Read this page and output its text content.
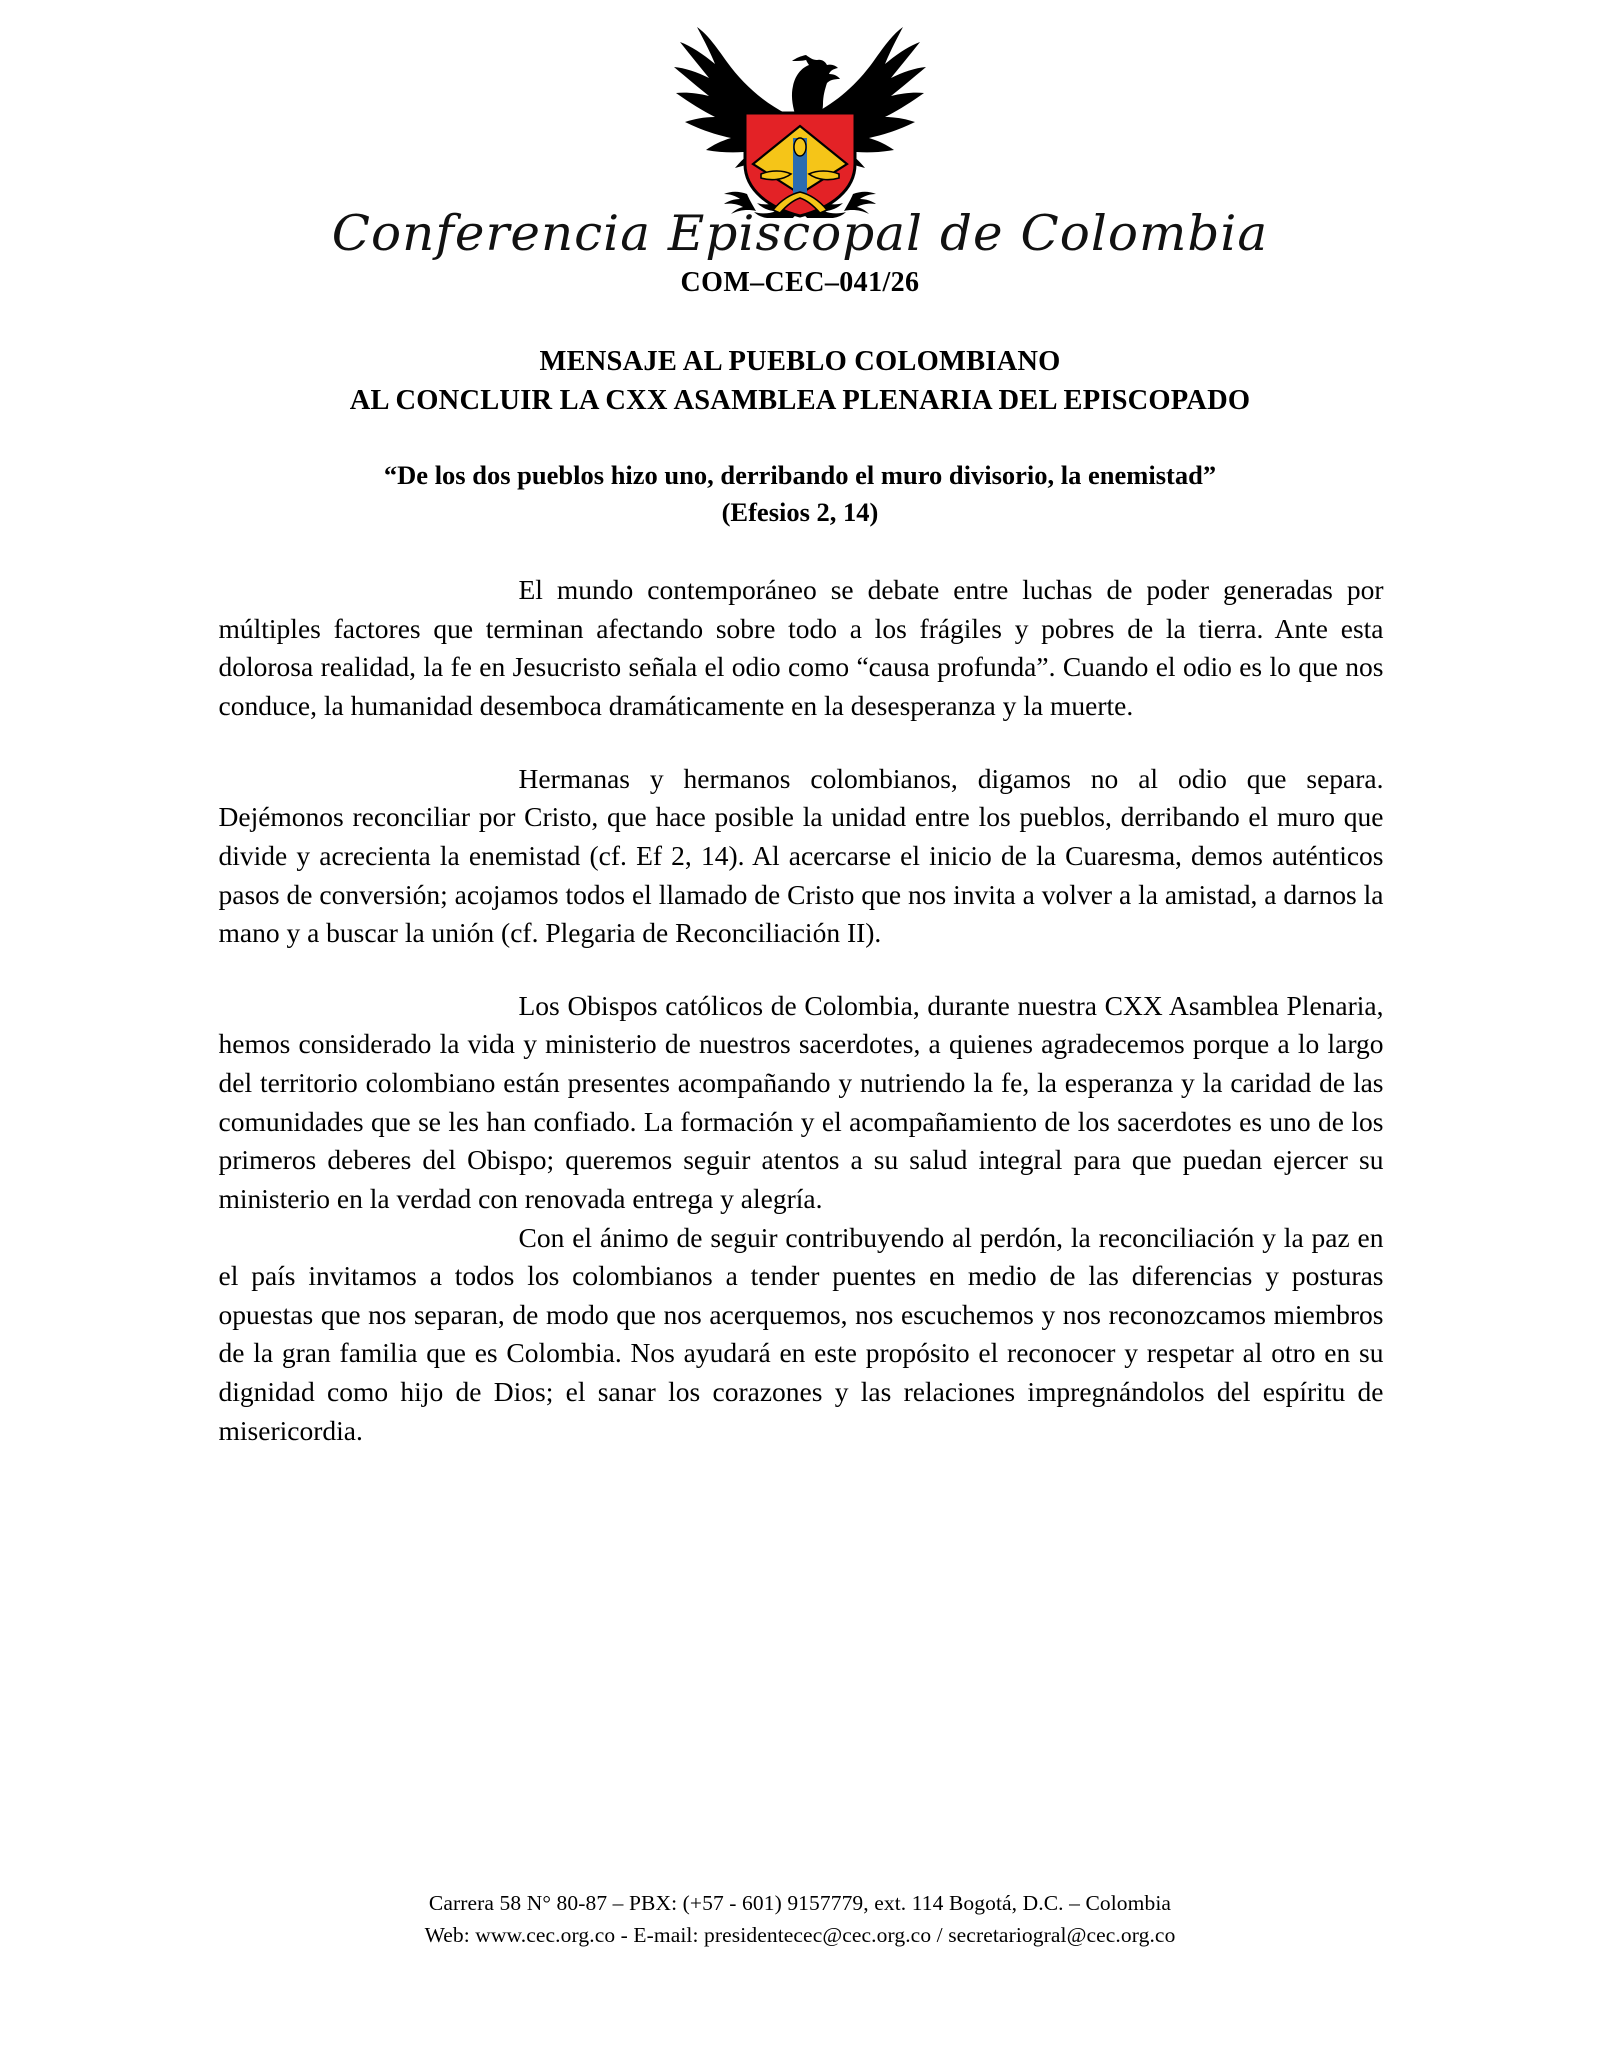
Conferencia Episcopal de Colombia
COM–CEC–041/26
MENSAJE AL PUEBLO COLOMBIANO
AL CONCLUIR LA CXX ASAMBLEA PLENARIA DEL EPISCOPADO
“De los dos pueblos hizo uno, derribando el muro divisorio, la enemistad”
(Efesios 2, 14)

El mundo contemporáneo se debate entre luchas de poder generadas por múltiples factores que terminan afectando sobre todo a los frágiles y pobres de la tierra. Ante esta dolorosa realidad, la fe en Jesucristo señala el odio como “causa profunda”. Cuando el odio es lo que nos conduce, la humanidad desemboca dramáticamente en la desesperanza y la muerte.

Hermanas y hermanos colombianos, digamos no al odio que separa. Dejémonos reconciliar por Cristo, que hace posible la unidad entre los pueblos, derribando el muro que divide y acrecienta la enemistad (cf. Ef 2, 14). Al acercarse el inicio de la Cuaresma, demos auténticos pasos de conversión; acojamos todos el llamado de Cristo que nos invita a volver a la amistad, a darnos la mano y a buscar la unión (cf. Plegaria de Reconciliación II).

Los Obispos católicos de Colombia, durante nuestra CXX Asamblea Plenaria, hemos considerado la vida y ministerio de nuestros sacerdotes, a quienes agradecemos porque a lo largo del territorio colombiano están presentes acompañando y nutriendo la fe, la esperanza y la caridad de las comunidades que se les han confiado. La formación y el acompañamiento de los sacerdotes es uno de los primeros deberes del Obispo; queremos seguir atentos a su salud integral para que puedan ejercer su ministerio en la verdad con renovada entrega y alegría.

Con el ánimo de seguir contribuyendo al perdón, la reconciliación y la paz en el país invitamos a todos los colombianos a tender puentes en medio de las diferencias y posturas opuestas que nos separan, de modo que nos acerquemos, nos escuchemos y nos reconozcamos miembros de la gran familia que es Colombia. Nos ayudará en este propósito el reconocer y respetar al otro en su dignidad como hijo de Dios; el sanar los corazones y las relaciones impregnándolos del espíritu de misericordia.

Carrera 58 N° 80-87 – PBX: (+57 - 601) 9157779, ext. 114 Bogotá, D.C. – Colombia
Web: www.cec.org.co - E-mail: presidentecec@cec.org.co / secretariogral@cec.org.co
